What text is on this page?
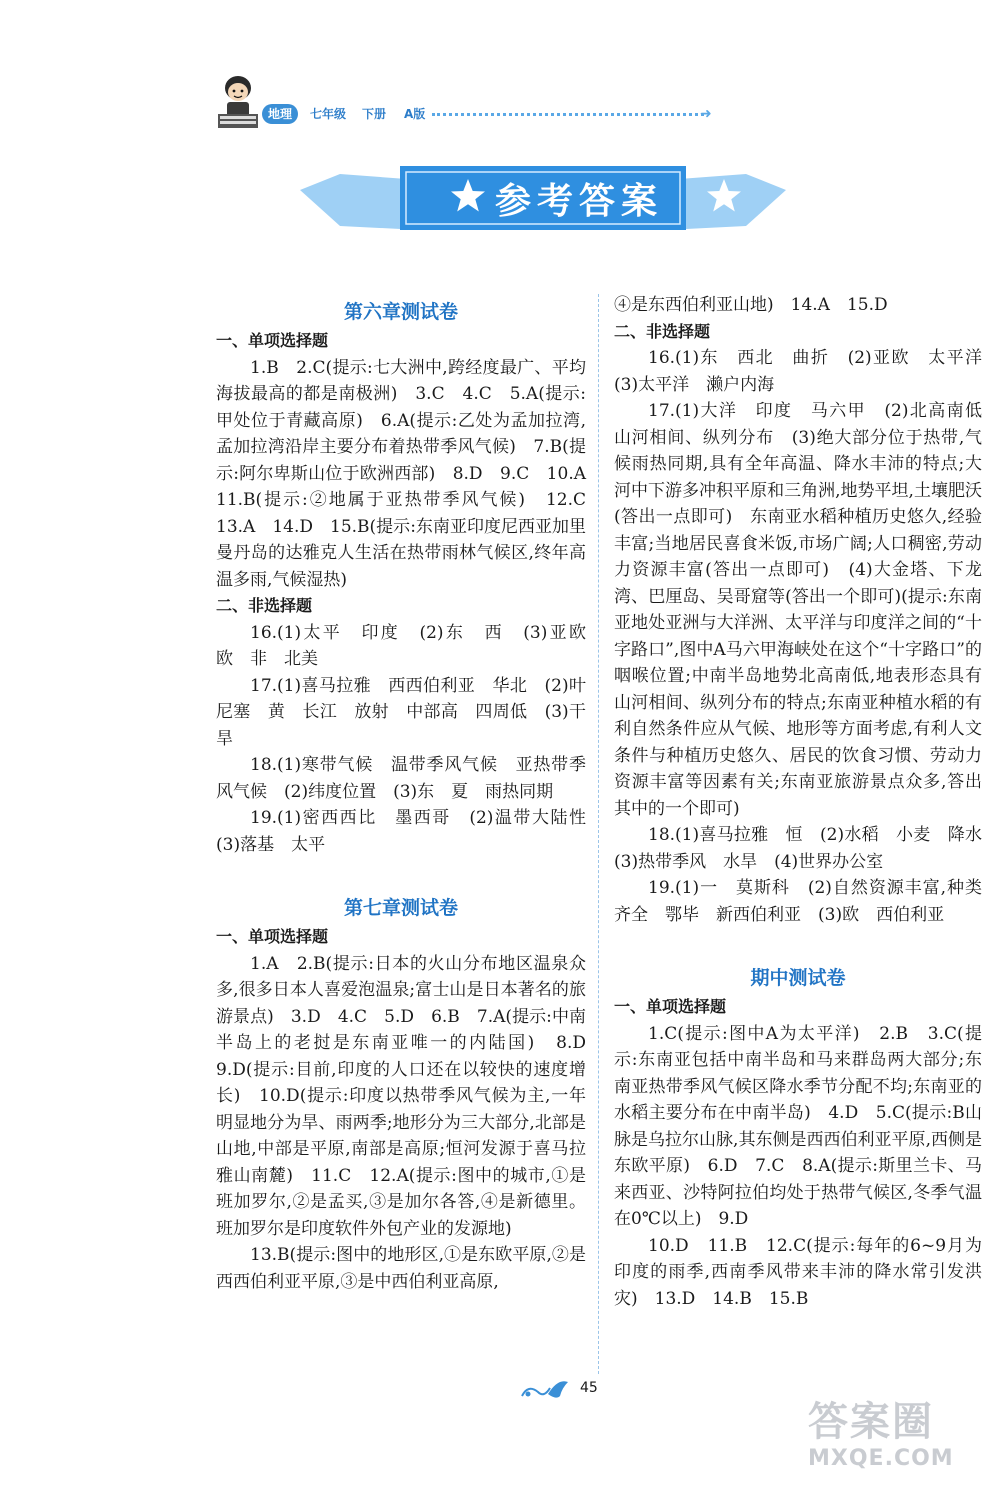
地理	七年级 下册 A版	➜
参考答案
第六章测试卷
一、单项选择题
1.B　2.C(提示:七大洲中,跨经度最广、平均海拔最高的都是南极洲)　3.C　4.C　5.A(提示:甲处位于青藏高原)　6.A(提示:乙处为孟加拉湾,孟加拉湾沿岸主要分布着热带季风气候)　7.B(提示:阿尔卑斯山位于欧洲西部)　8.D　9.C　10.A　11.B(提示:②地属于亚热带季风气候)　12.C　13.A　14.D　15.B(提示:东南亚印度尼西亚加里曼丹岛的达雅克人生活在热带雨林气候区,终年高温多雨,气候湿热)
二、非选择题
16.(1)太平　印度　(2)东　西　(3)亚欧　欧　非　北美
17.(1)喜马拉雅　西西伯利亚　华北　(2)叶尼塞　黄　长江　放射　中部高　四周低　(3)干旱
18.(1)寒带气候　温带季风气候　亚热带季风气候　(2)纬度位置　(3)东　夏　雨热同期
19.(1)密西西比　墨西哥　(2)温带大陆性　(3)落基　太平
第七章测试卷
一、单项选择题
1.A　2.B(提示:日本的火山分布地区温泉众多,很多日本人喜爱泡温泉;富士山是日本著名的旅游景点)　3.D　4.C　5.D　6.B　7.A(提示:中南半岛上的老挝是东南亚唯一的内陆国)　8.D　9.D(提示:目前,印度的人口还在以较快的速度增长)　10.D(提示:印度以热带季风气候为主,一年明显地分为旱、雨两季;地形分为三大部分,北部是山地,中部是平原,南部是高原;恒河发源于喜马拉雅山南麓)　11.C　12.A(提示:图中的城市,①是班加罗尔,②是孟买,③是加尔各答,④是新德里。班加罗尔是印度软件外包产业的发源地)
13.B(提示:图中的地形区,①是东欧平原,②是西西伯利亚平原,③是中西伯利亚高原,
④是东西伯利亚山地)　14.A　15.D
二、非选择题
16.(1)东　西北　曲折　(2)亚欧　太平洋　(3)太平洋　濑户内海
17.(1)大洋　印度　马六甲　(2)北高南低　山河相间、纵列分布　(3)绝大部分位于热带,气候雨热同期,具有全年高温、降水丰沛的特点;大河中下游多冲积平原和三角洲,地势平坦,土壤肥沃(答出一点即可)　东南亚水稻种植历史悠久,经验丰富;当地居民喜食米饭,市场广阔;人口稠密,劳动力资源丰富(答出一点即可)　(4)大金塔、下龙湾、巴厘岛、吴哥窟等(答出一个即可)(提示:东南亚地处亚洲与大洋洲、太平洋与印度洋之间的“十字路口”,图中A马六甲海峡处在这个“十字路口”的咽喉位置;中南半岛地势北高南低,地表形态具有山河相间、纵列分布的特点;东南亚种植水稻的有利自然条件应从气候、地形等方面考虑,有利人文条件与种植历史悠久、居民的饮食习惯、劳动力资源丰富等因素有关;东南亚旅游景点众多,答出其中的一个即可)
18.(1)喜马拉雅　恒　(2)水稻　小麦　降水　(3)热带季风　水旱　(4)世界办公室
19.(1)一　莫斯科　(2)自然资源丰富,种类齐全　鄂毕　新西伯利亚　(3)欧　西伯利亚
期中测试卷
一、单项选择题
1.C(提示:图中A为太平洋)　2.B　3.C(提示:东南亚包括中南半岛和马来群岛两大部分;东南亚热带季风气候区降水季节分配不均;东南亚的水稻主要分布在中南半岛)　4.D　5.C(提示:B山脉是乌拉尔山脉,其东侧是西西伯利亚平原,西侧是东欧平原)　6.D　7.C　8.A(提示:斯里兰卡、马来西亚、沙特阿拉伯均处于热带气候区,冬季气温在0℃以上)　9.D
10.D　11.B　12.C(提示:每年的6~9月为印度的雨季,西南季风带来丰沛的降水常引发洪灾)　13.D　14.B　15.B
45
答案圈
MXQE.COM
